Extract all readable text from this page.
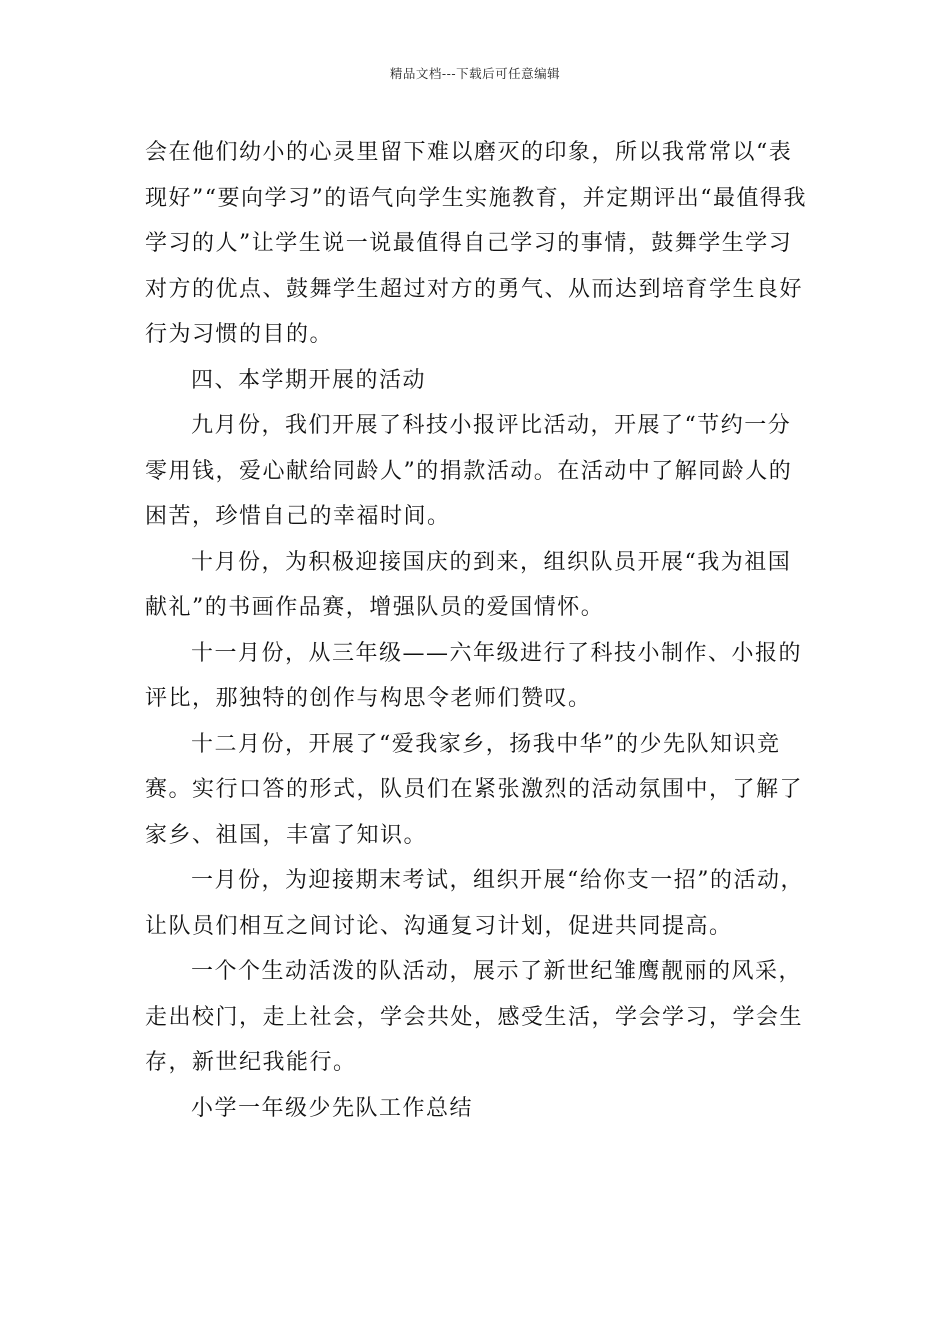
精品文档---下载后可任意编辑

会在他们幼小的心灵里留下难以磨灭的印象，所以我常常以“表现好”“要向学习”的语气向学生实施教育，并定期评出“最值得我学习的人”让学生说一说最值得自己学习的事情，鼓舞学生学习对方的优点、鼓舞学生超过对方的勇气、从而达到培育学生良好行为习惯的目的。

四、本学期开展的活动

九月份，我们开展了科技小报评比活动，开展了“节约一分零用钱，爱心献给同龄人”的捐款活动。在活动中了解同龄人的困苦，珍惜自己的幸福时间。

十月份，为积极迎接国庆的到来，组织队员开展“我为祖国献礼”的书画作品赛，增强队员的爱国情怀。

十一月份，从三年级——六年级进行了科技小制作、小报的评比，那独特的创作与构思令老师们赞叹。

十二月份，开展了“爱我家乡，扬我中华”的少先队知识竞赛。实行口答的形式，队员们在紧张激烈的活动氛围中，了解了家乡、祖国，丰富了知识。

一月份，为迎接期末考试，组织开展“给你支一招”的活动，让队员们相互之间讨论、沟通复习计划，促进共同提高。

一个个生动活泼的队活动，展示了新世纪雏鹰靓丽的风采，走出校门，走上社会，学会共处，感受生活，学会学习，学会生存，新世纪我能行。

小学一年级少先队工作总结
